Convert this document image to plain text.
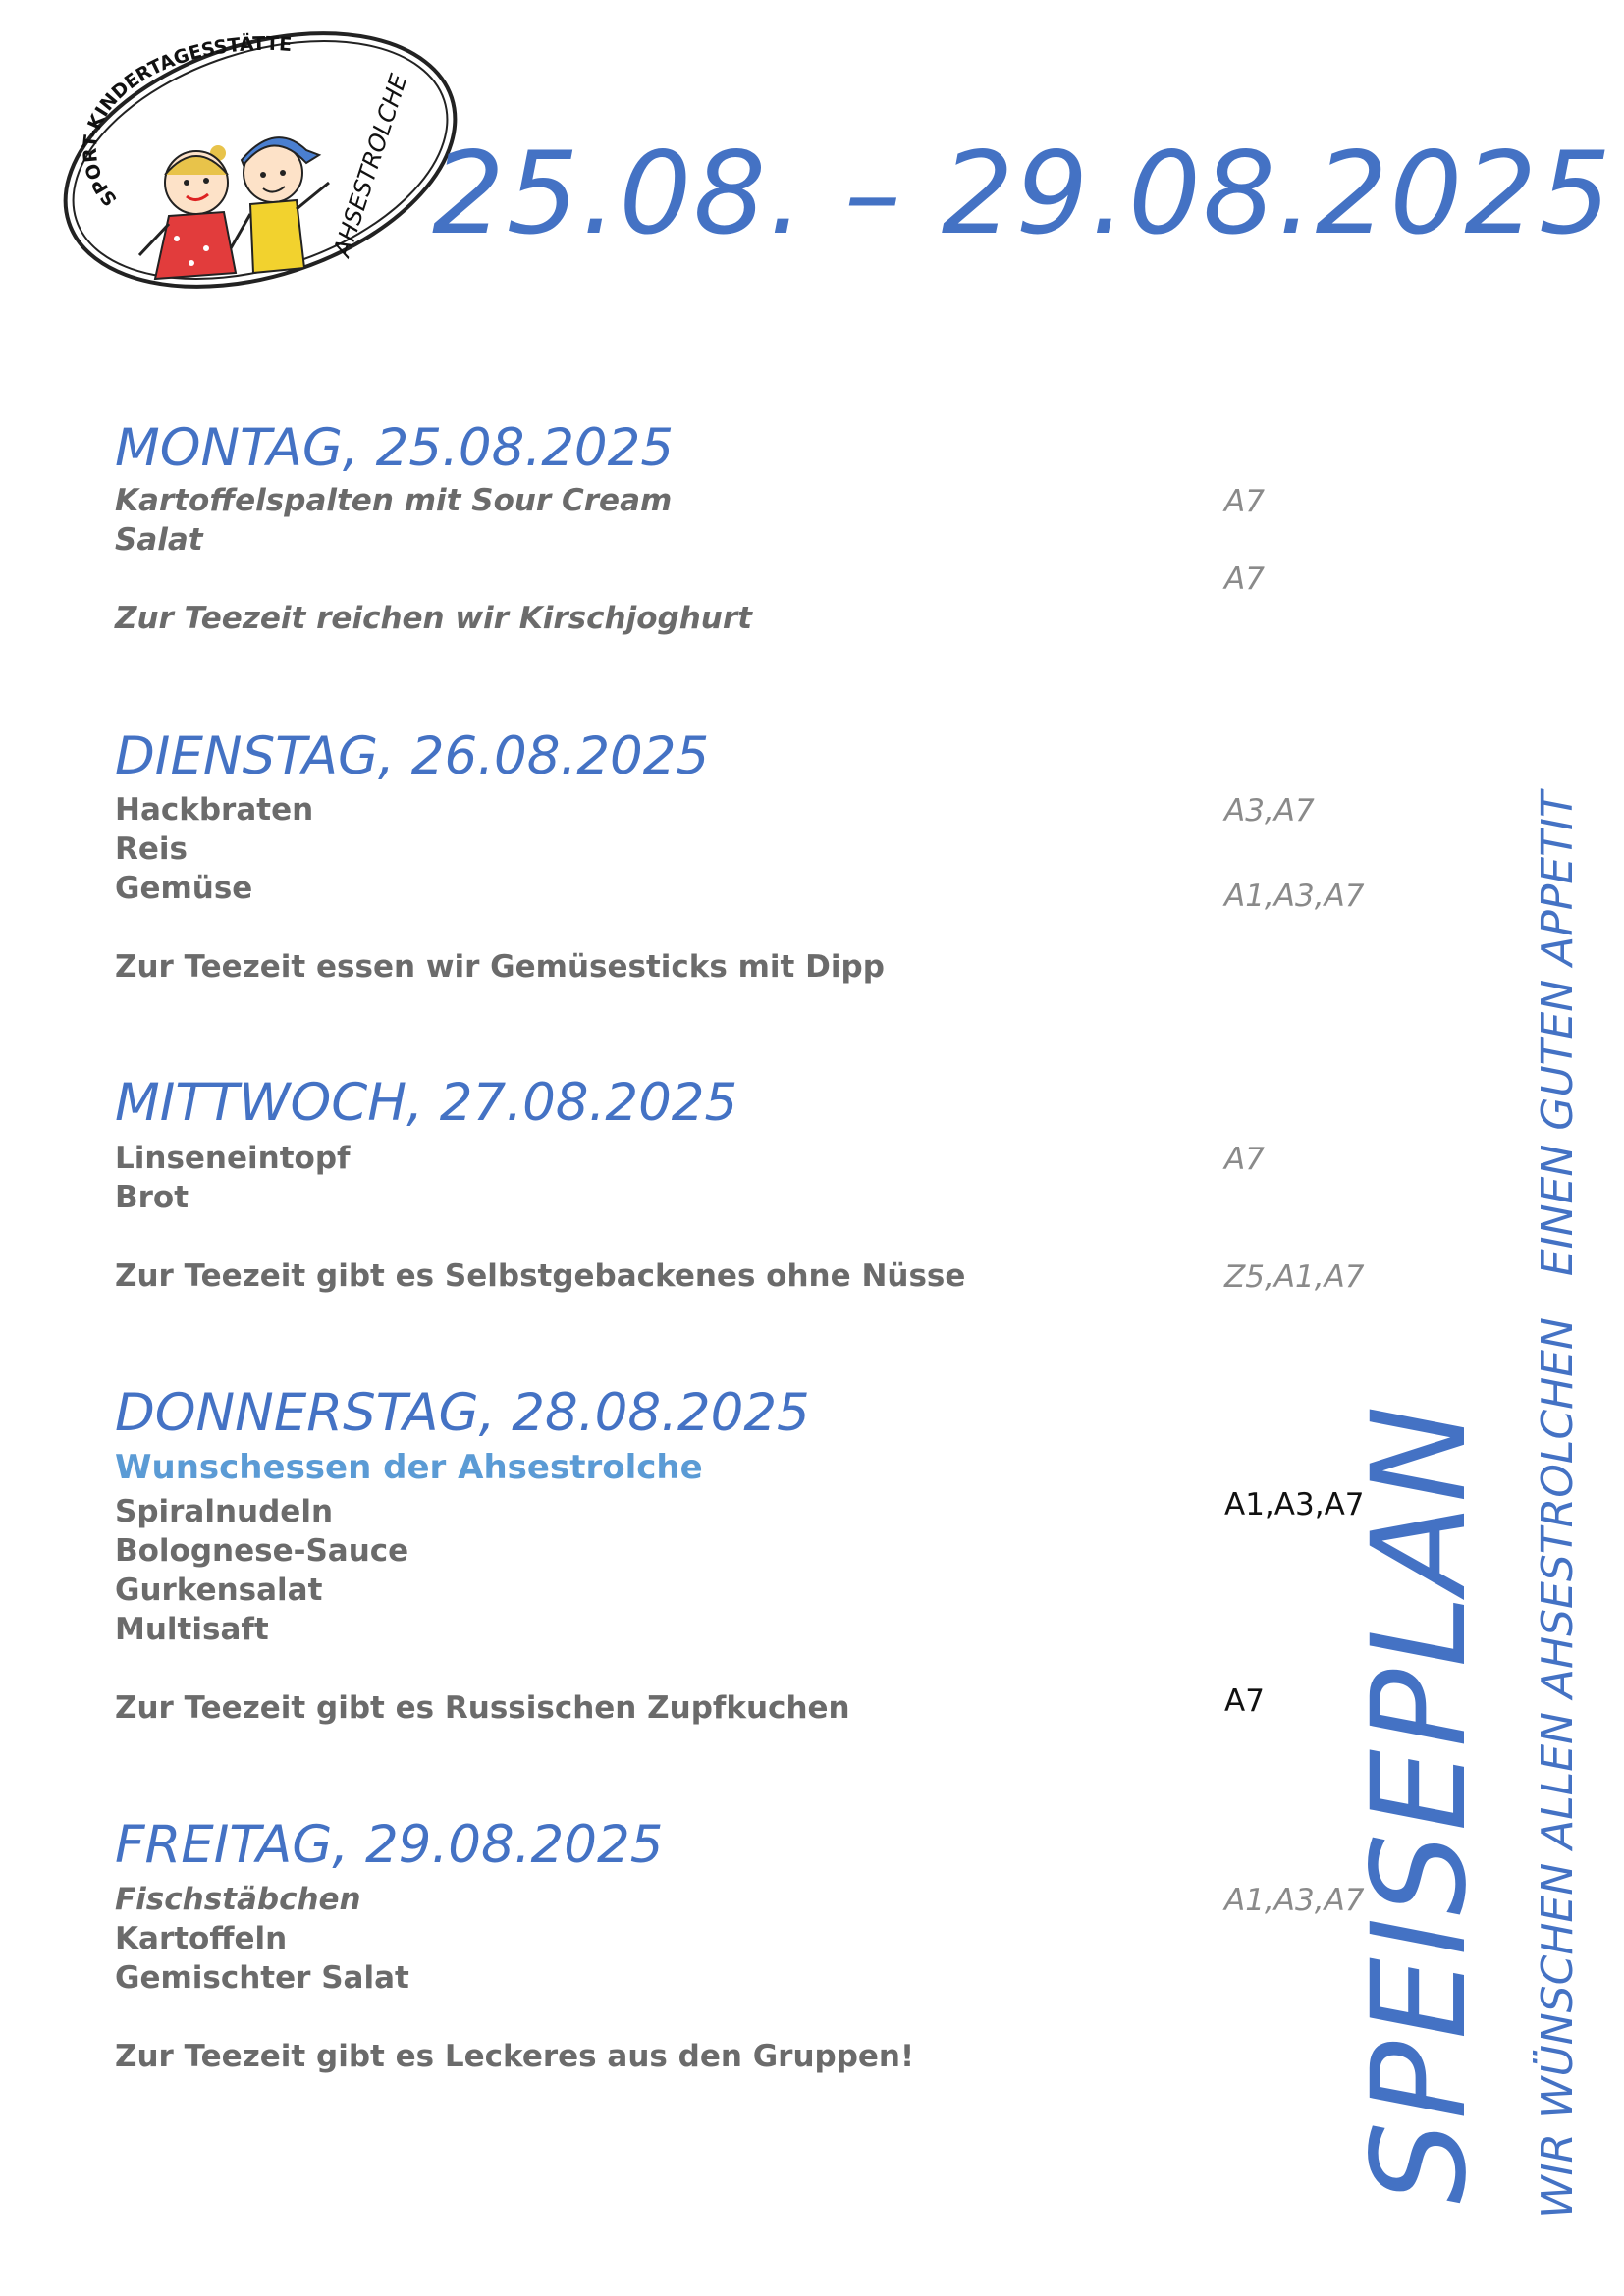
SPORT-KINDERTAGESSTÄTTE
AHSESTROLCHE 25.08. – 29.08.2025
MONTAG, 25.08.2025
Kartoffelspalten mit Sour Cream
Salat
Zur Teezeit reichen wir Kirschjoghurt
A7
A7
DIENSTAG, 26.08.2025
Hackbraten
Reis
Gemüse
Zur Teezeit essen wir Gemüsesticks mit Dipp
A3,A7
A1,A3,A7
MITTWOCH, 27.08.2025
Linseneintopf
Brot
Zur Teezeit gibt es Selbstgebackenes ohne Nüsse
A7
Z5,A1,A7
DONNERSTAG, 28.08.2025
Wunschessen der Ahsestrolche
Spiralnudeln
Bolognese-Sauce
Gurkensalat
Multisaft
Zur Teezeit gibt es Russischen Zupfkuchen
A1,A3,A7
A7
FREITAG, 29.08.2025
Fischstäbchen
Kartoffeln
Gemischter Salat
Zur Teezeit gibt es Leckeres aus den Gruppen!
A1,A3,A7
SPEISEPLAN WIR WÜNSCHEN ALLEN AHSESTROLCHEN   EINEN GUTEN APPETIT
